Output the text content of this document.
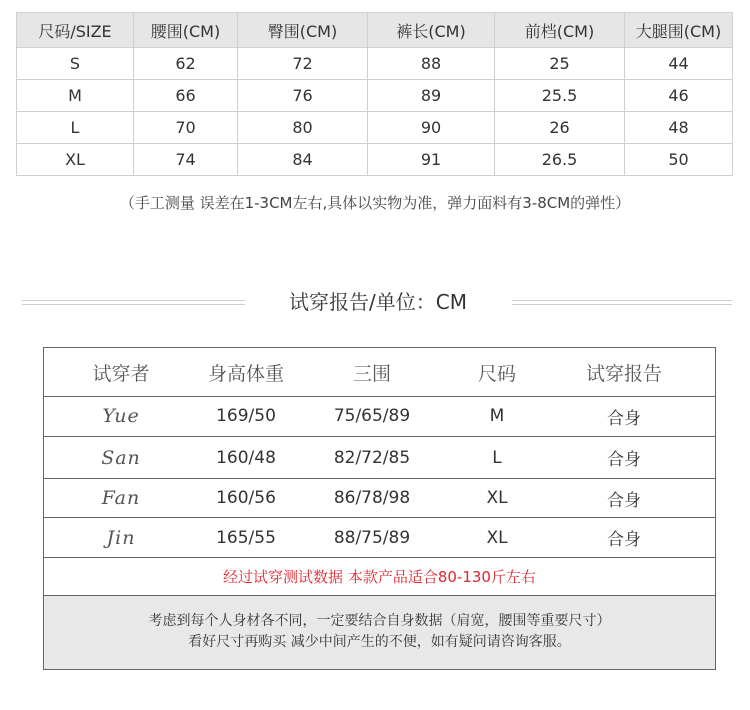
尺码/SIZE	腰围(CM)	臀围(CM)	裤长(CM)	前档(CM)	大腿围(CM)
S	62	72	88	25	44
M	66	76	89	25.5	46
L	70	80	90	26	48
XL	74	84	91	26.5	50
（手工测量 误差在1-3CM左右,具体以实物为准，弹力面料有3-8CM的弹性）
试穿报告/单位：CM
试穿者	身高体重	三围	尺码	试穿报告
Yue	169/50	75/65/89	M	合身
San	160/48	82/72/85	L	合身
Fan	160/56	86/78/98	XL	合身
Jin	165/55	88/75/89	XL	合身
经过试穿测试数据 本款产品适合80-130斤左右
考虑到每个人身材各不同，一定要结合自身数据（肩宽，腰围等重要尺寸）
看好尺寸再购买 减少中间产生的不便，如有疑问请咨询客服。
